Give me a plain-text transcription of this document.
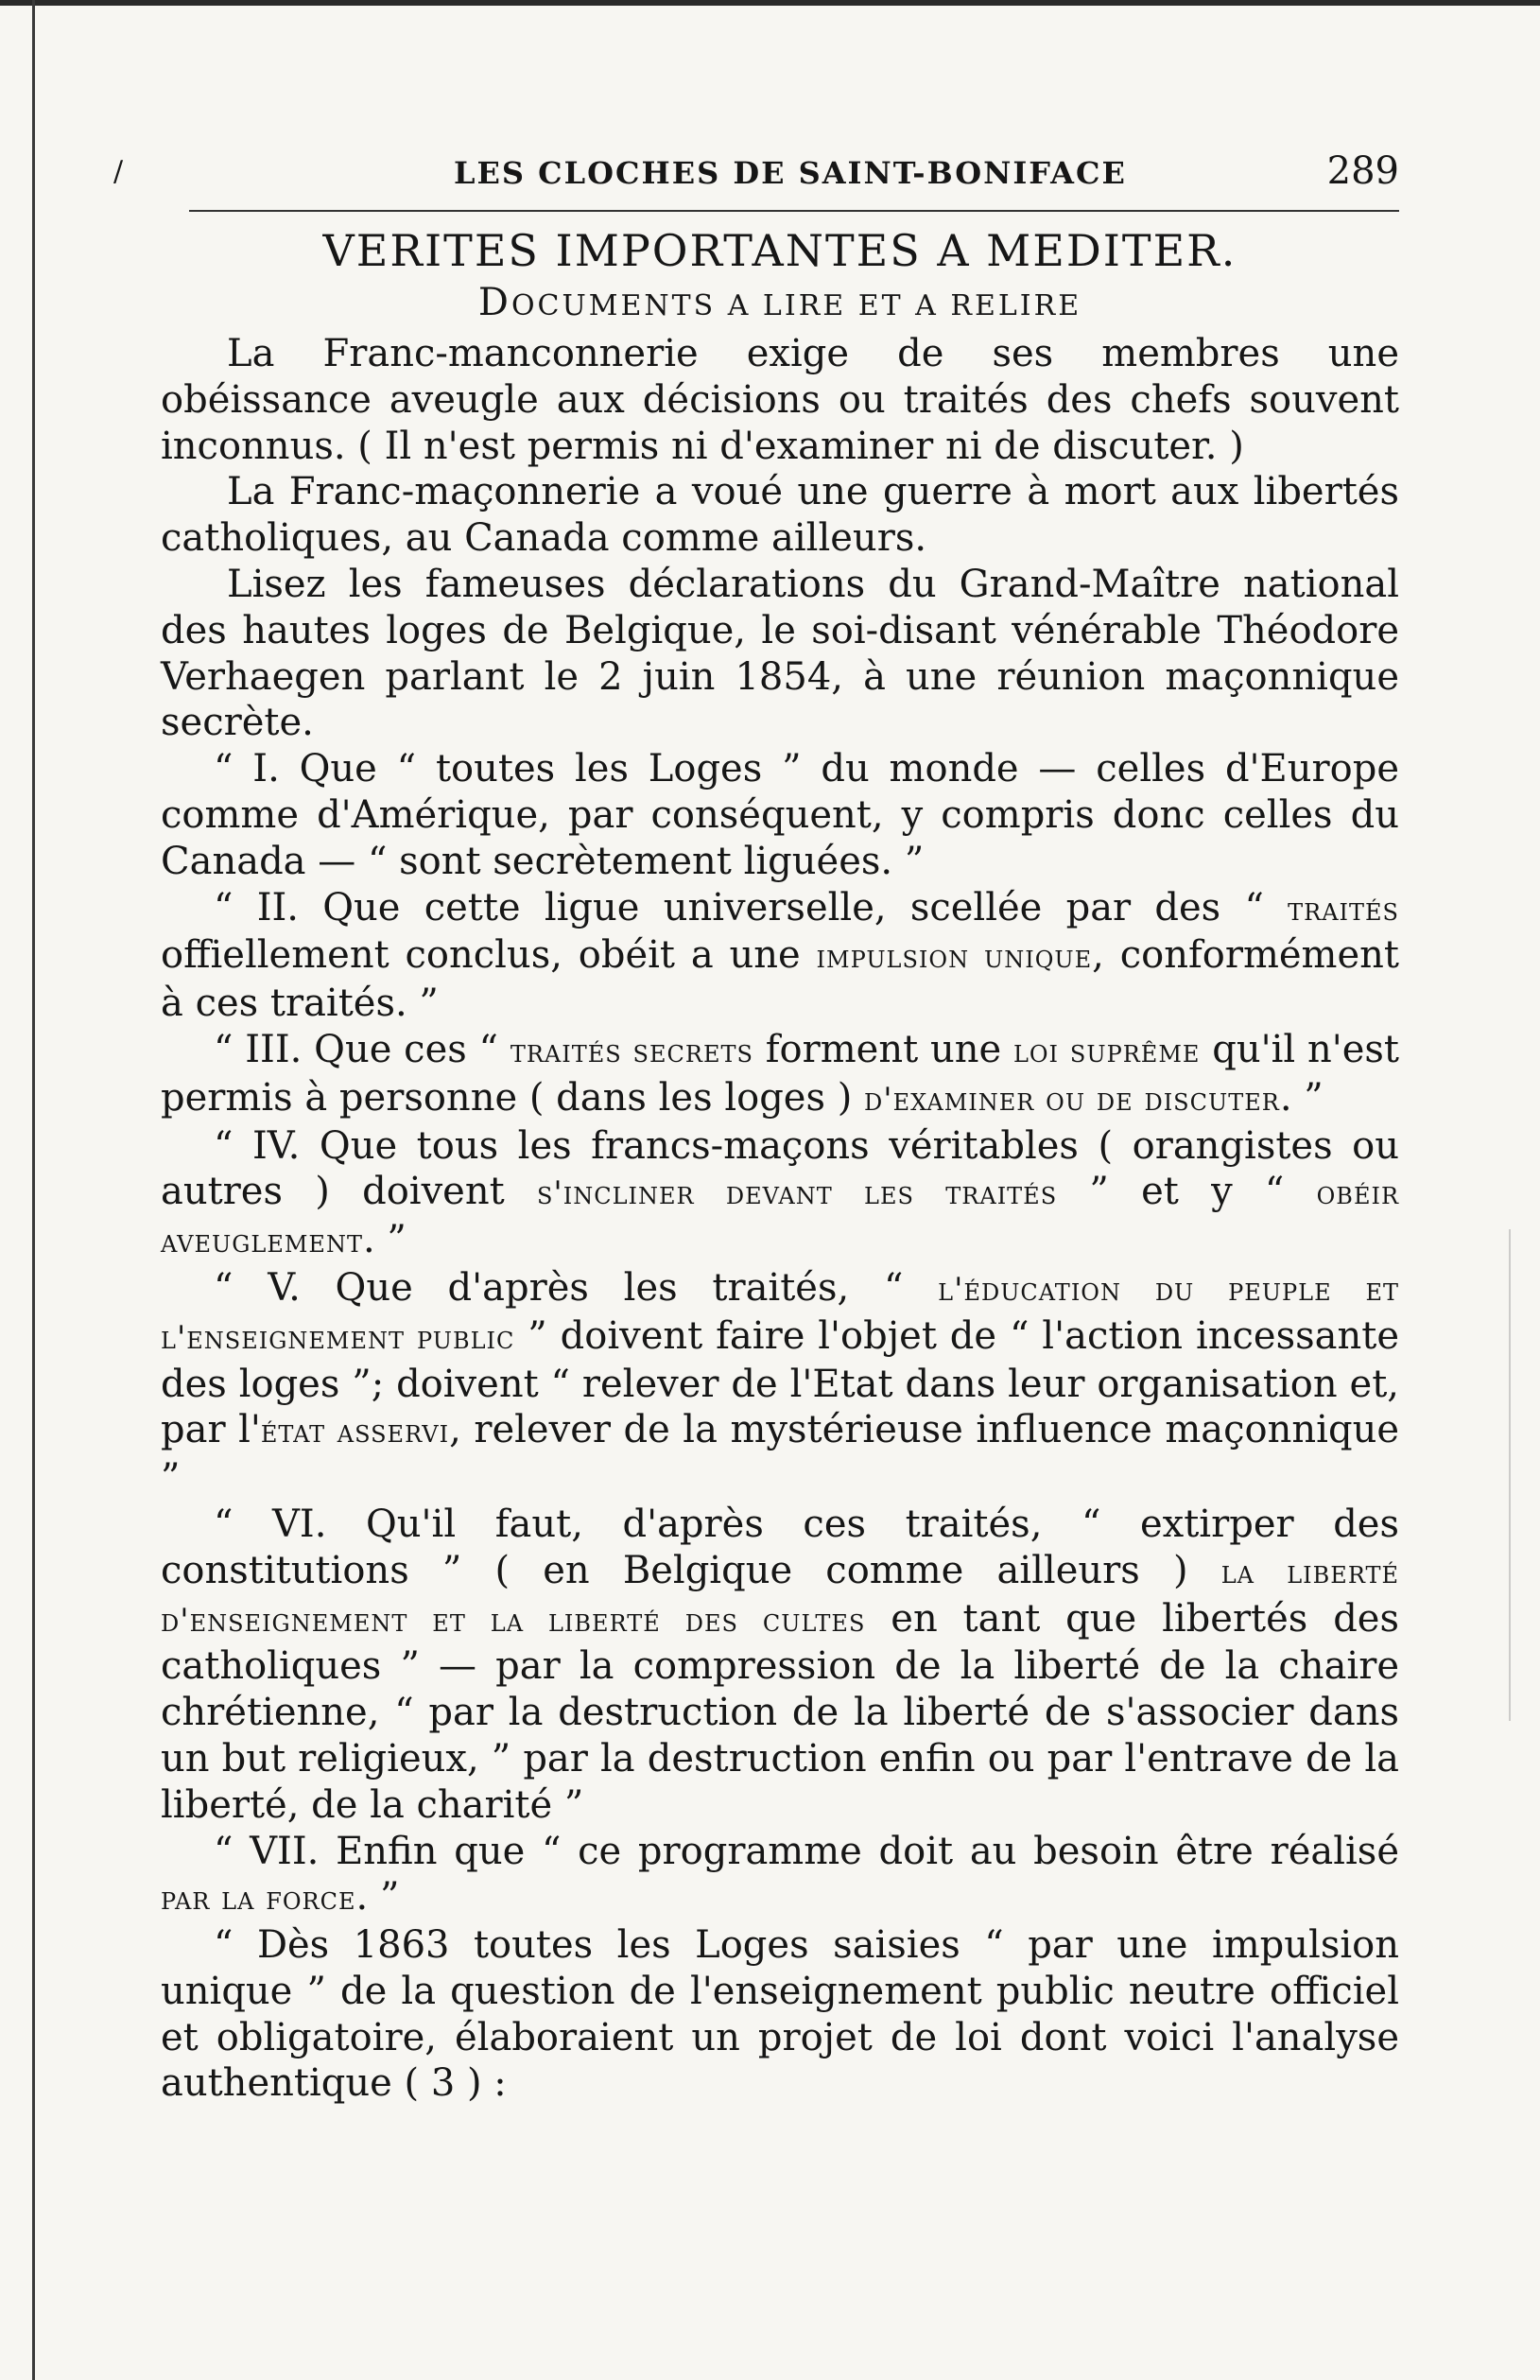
/	LES CLOCHES DE SAINT-BONIFACE	289

VERITES IMPORTANTES A MEDITER.

DOCUMENTS A LIRE ET A RELIRE

La Franc-manconnerie exige de ses membres une obéissance aveugle aux décisions ou traités des chefs souvent inconnus. ( Il n'est permis ni d'examiner ni de discuter. )

La Franc-maçonnerie a voué une guerre à mort aux libertés catholiques, au Canada comme ailleurs.

Lisez les fameuses déclarations du Grand-Maître national des hautes loges de Belgique, le soi-disant vénérable Théodore Verhaegen parlant le 2 juin 1854, à une réunion maçonnique secrète.

“ I. Que “ toutes les Loges ” du monde — celles d'Europe comme d'Amérique, par conséquent, y compris donc celles du Canada — “ sont secrètement liguées. ”

“ II. Que cette ligue universelle, scellée par des “ traités offiellement conclus, obéit a une impulsion unique, conformément à ces traités. ”

“ III. Que ces “ traités secrets forment une loi suprême qu'il n'est permis à personne ( dans les loges ) d'examiner ou de discuter. ”

“ IV. Que tous les francs-maçons véritables ( orangistes ou autres ) doivent s'incliner devant les traités ” et y “ obéir aveuglement. ”

“ V. Que d'après les traités, “ l'éducation du peuple et l'enseignement public ” doivent faire l'objet de “ l'action incessante des loges ”; doivent “ relever de l'Etat dans leur organisation et, par l'état asservi, relever de la mystérieuse influence maçonnique ”

“ VI. Qu'il faut, d'après ces traités, “ extirper des constitutions ” ( en Belgique comme ailleurs ) la liberté d'enseignement et la liberté des cultes en tant que libertés des catholiques ” — par la compression de la liberté de la chaire chrétienne, “ par la destruction de la liberté de s'associer dans un but religieux, ” par la destruction enfin ou par l'entrave de la liberté, de la charité ”

“ VII. Enfin que “ ce programme doit au besoin être réalisé par la force. ”

“ Dès 1863 toutes les Loges saisies “ par une impulsion unique ” de la question de l'enseignement public neutre officiel et obligatoire, élaboraient un projet de loi dont voici l'analyse authentique ( 3 ) :
